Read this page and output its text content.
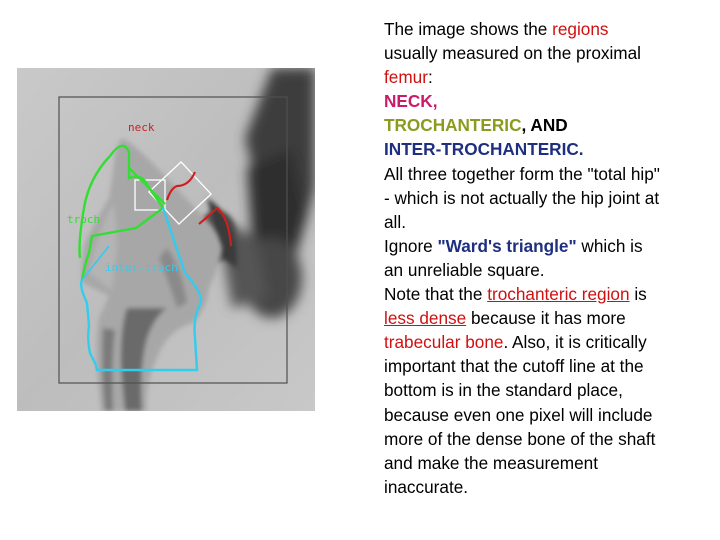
neck
troch
inter-troch
The image shows the regions
usually measured on the proximal
femur:
NECK,
TROCHANTERIC, AND
INTER-TROCHANTERIC.
All three together form the "total hip"
- which is not actually the hip joint at
all.
Ignore "Ward's triangle" which is
an unreliable square.
Note that the trochanteric region is
less dense because it has more
trabecular bone. Also, it is critically
important that the cutoff line at the
bottom is in the standard place,
because even one pixel will include
more of the dense bone of the shaft
and make the measurement
inaccurate.
